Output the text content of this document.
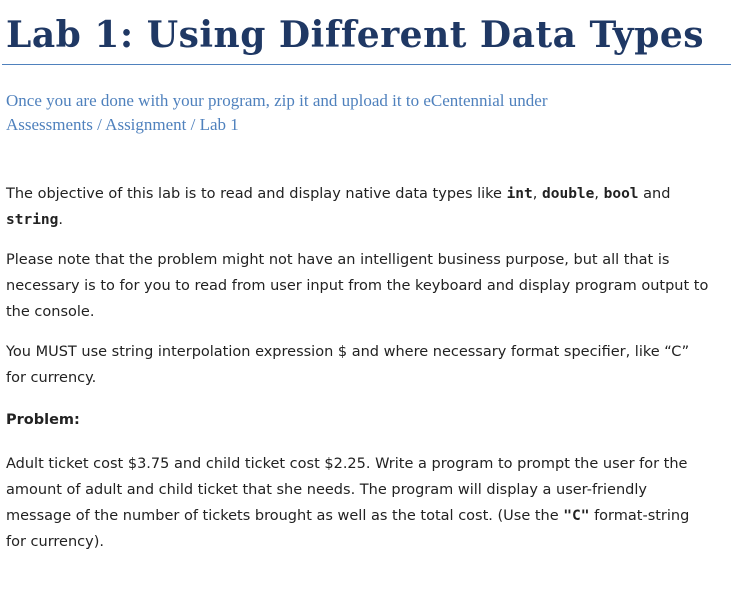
Lab 1: Using Different Data Types

Once you are done with your program, zip it and upload it to eCentennial under
Assessments / Assignment / Lab 1

The objective of this lab is to read and display native data types like int, double, bool and
string.

Please note that the problem might not have an intelligent business purpose, but all that is
necessary is to for you to read from user input from the keyboard and display program output to
the console.

You MUST use string interpolation expression $ and where necessary format specifier, like “C”
for currency.

Problem:

Adult ticket cost $3.75 and child ticket cost $2.25. Write a program to prompt the user for the
amount of adult and child ticket that she needs. The program will display a user-friendly
message of the number of tickets brought as well as the total cost. (Use the "C" format-string
for currency).
